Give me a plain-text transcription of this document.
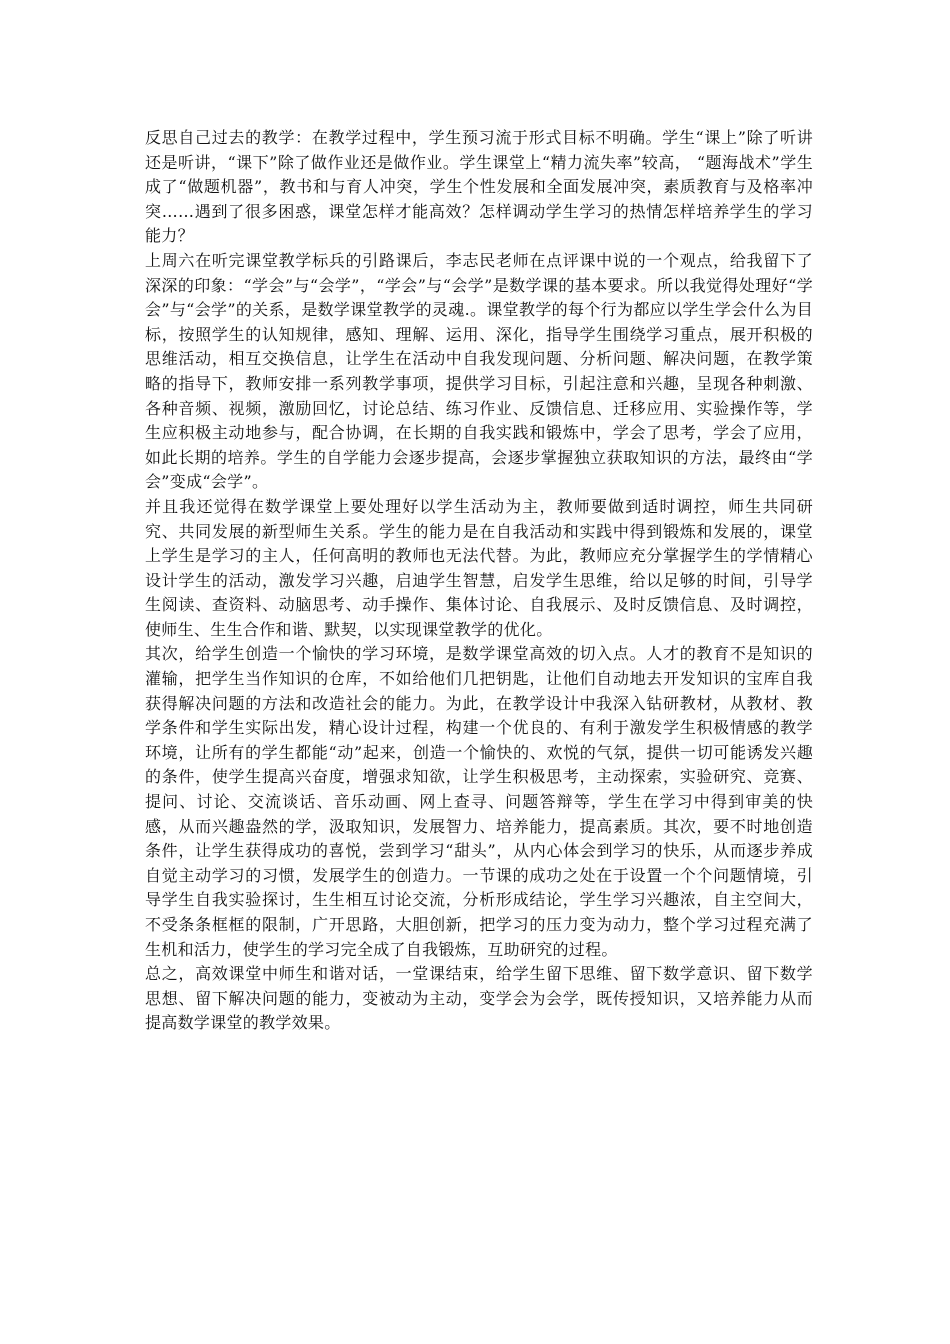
反思自己过去的教学：在教学过程中，学生预习流于形式目标不明确。学生“课上”除了听讲还是听讲，“课下”除了做作业还是做作业。学生课堂上“精力流失率”较高， “题海战术”学生成了“做题机器”，教书和与育人冲突，学生个性发展和全面发展冲突，素质教育与及格率冲突……遇到了很多困惑，课堂怎样才能高效？怎样调动学生学习的热情怎样培养学生的学习能力？

上周六在听完课堂教学标兵的引路课后，李志民老师在点评课中说的一个观点，给我留下了深深的印象：“学会”与“会学”，“学会”与“会学”是数学课的基本要求。所以我觉得处理好“学会”与“会学”的关系，是数学课堂教学的灵魂.。课堂教学的每个行为都应以学生学会什么为目标，按照学生的认知规律，感知、理解、运用、深化，指导学生围绕学习重点，展开积极的思维活动，相互交换信息，让学生在活动中自我发现问题、分析问题、解决问题，在教学策略的指导下，教师安排一系列教学事项，提供学习目标，引起注意和兴趣，呈现各种刺激、各种音频、视频，激励回忆，讨论总结、练习作业、反馈信息、迁移应用、实验操作等，学生应积极主动地参与，配合协调，在长期的自我实践和锻炼中，学会了思考，学会了应用，如此长期的培养。学生的自学能力会逐步提高，会逐步掌握独立获取知识的方法，最终由“学会”变成“会学”。

并且我还觉得在数学课堂上要处理好以学生活动为主，教师要做到适时调控，师生共同研究、共同发展的新型师生关系。学生的能力是在自我活动和实践中得到锻炼和发展的，课堂上学生是学习的主人，任何高明的教师也无法代替。为此，教师应充分掌握学生的学情精心设计学生的活动，激发学习兴趣，启迪学生智慧，启发学生思维，给以足够的时间，引导学生阅读、查资料、动脑思考、动手操作、集体讨论、自我展示、及时反馈信息、及时调控，使师生、生生合作和谐、默契，以实现课堂教学的优化。

其次，给学生创造一个愉快的学习环境，是数学课堂高效的切入点。人才的教育不是知识的灌输，把学生当作知识的仓库，不如给他们几把钥匙，让他们自动地去开发知识的宝库自我获得解决问题的方法和改造社会的能力。为此，在教学设计中我深入钻研教材，从教材、教学条件和学生实际出发，精心设计过程，构建一个优良的、有利于激发学生积极情感的教学环境，让所有的学生都能“动”起来，创造一个愉快的、欢悦的气氛，提供一切可能诱发兴趣的条件，使学生提高兴奋度，增强求知欲，让学生积极思考，主动探索，实验研究、竞赛、提问、讨论、交流谈话、音乐动画、网上查寻、问题答辩等，学生在学习中得到审美的快感，从而兴趣盎然的学，汲取知识，发展智力、培养能力，提高素质。其次，要不时地创造条件，让学生获得成功的喜悦，尝到学习“甜头”，从内心体会到学习的快乐，从而逐步养成自觉主动学习的习惯，发展学生的创造力。一节课的成功之处在于设置一个个问题情境，引导学生自我实验探讨，生生相互讨论交流，分析形成结论，学生学习兴趣浓，自主空间大，不受条条框框的限制，广开思路，大胆创新，把学习的压力变为动力，整个学习过程充满了生机和活力，使学生的学习完全成了自我锻炼，互助研究的过程。

总之，高效课堂中师生和谐对话，一堂课结束，给学生留下思维、留下数学意识、留下数学思想、留下解决问题的能力，变被动为主动，变学会为会学，既传授知识，又培养能力从而提高数学课堂的教学效果。
